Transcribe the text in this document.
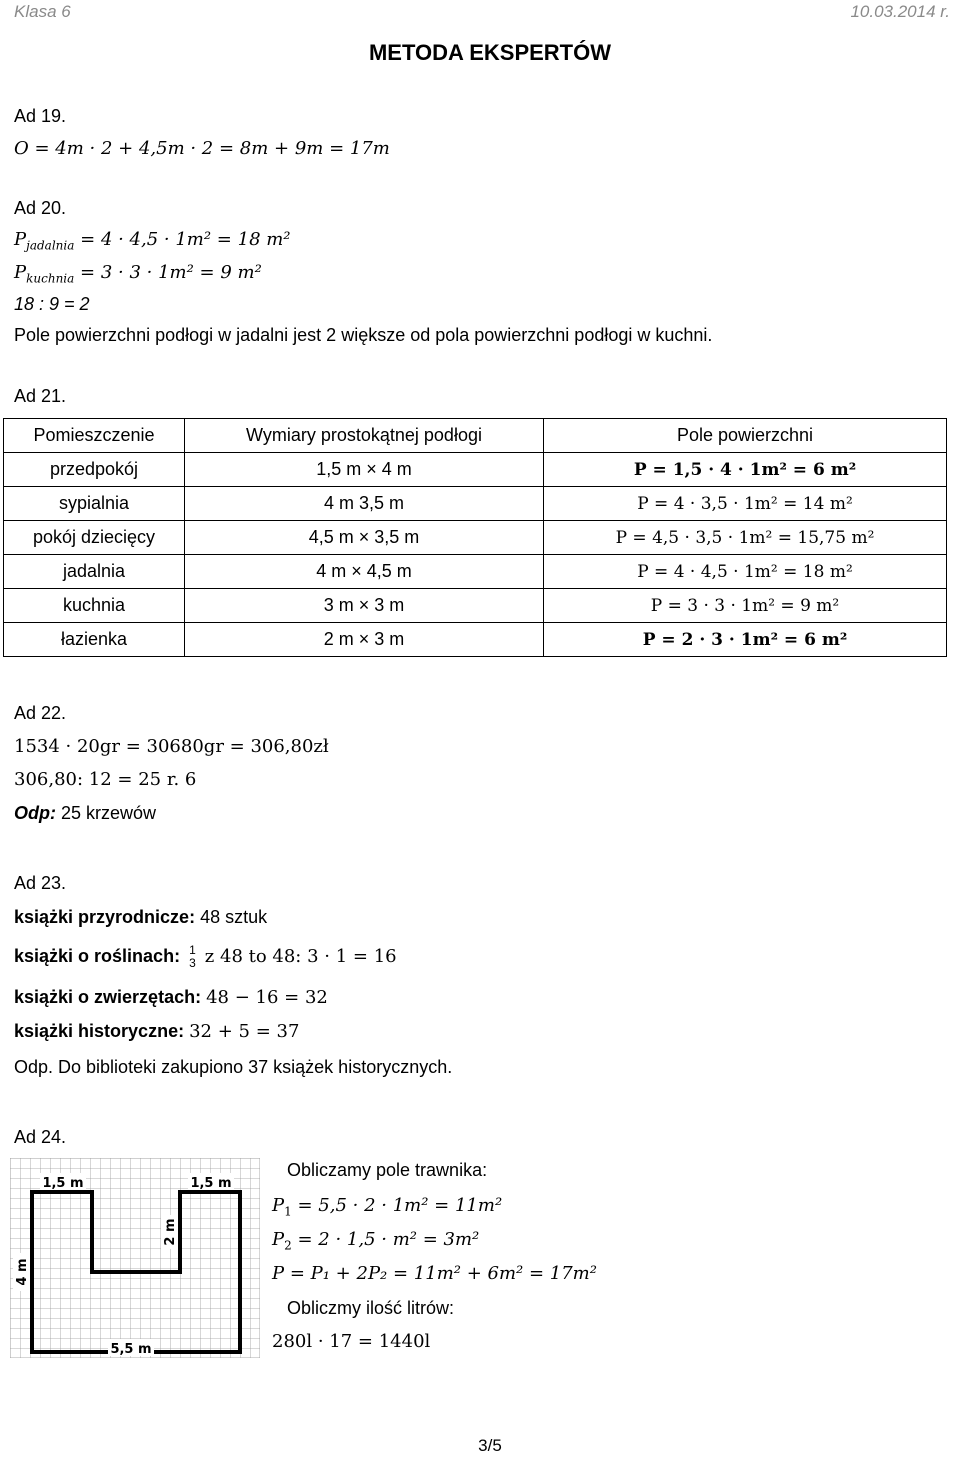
Klasa 6	10.03.2014 r.
METODA EKSPERTÓW
Ad 19.
O = 4m · 2 + 4,5m · 2 = 8m + 9m = 17m
Ad 20.
$P_{jadalnia} = 4 \cdot 4,5 \cdot 1m^2 = 18$ m²
$P_{kuchnia} = 3 \cdot 3 \cdot 1m^2 = 9$ m²
18 : 9 = 2
Pole powierzchni podłogi w jadalni jest 2 większe od pola powierzchni podłogi w kuchni.
Ad 21.
Pomieszczenie	Wymiary prostokątnej podłogi	Pole powierzchni
przedpokój	1,5 m × 4 m	P = 1,5 · 4 · 1m² = 6 m²
sypialnia	4 m 3,5 m	P = 4 · 3,5 · 1m² = 14 m²
pokój dziecięcy	4,5 m × 3,5 m	P = 4,5 · 3,5 · 1m² = 15,75 m²
jadalnia	4 m × 4,5 m	P = 4 · 4,5 · 1m² = 18 m²
kuchnia	3 m × 3 m	P = 3 · 3 · 1m² = 9 m²
łazienka	2 m × 3 m	P = 2 · 3 · 1m² = 6 m²
Ad 22.
1534 · 20gr = 30680gr = 306,80zł
306,80: 12 = 25 r. 6
Odp: 25 krzewów
Ad 23.
książki przyrodnicze: 48 sztuk
książki o roślinach: 1
3 z 48 to 48: 3 · 1 = 16
książki o zwierzętach: 48 − 16 = 32
książki historyczne: 32 + 5 = 37
Odp. Do biblioteki zakupiono 37 książek historycznych.
Ad 24.
1,5 m	1,5 m
5,5 m
4 m
2 m
Obliczamy pole trawnika:
$P_1 = 5,5 \cdot 2 \cdot 1m^2 = 11m^2$
$P_2 = 2 \cdot 1,5 \cdot m^2 = 3m^2$
P = P₁ + 2P₂ = 11m² + 6m² = 17m²
Obliczmy ilość litrów:
280l · 17 = 1440l
3/5
